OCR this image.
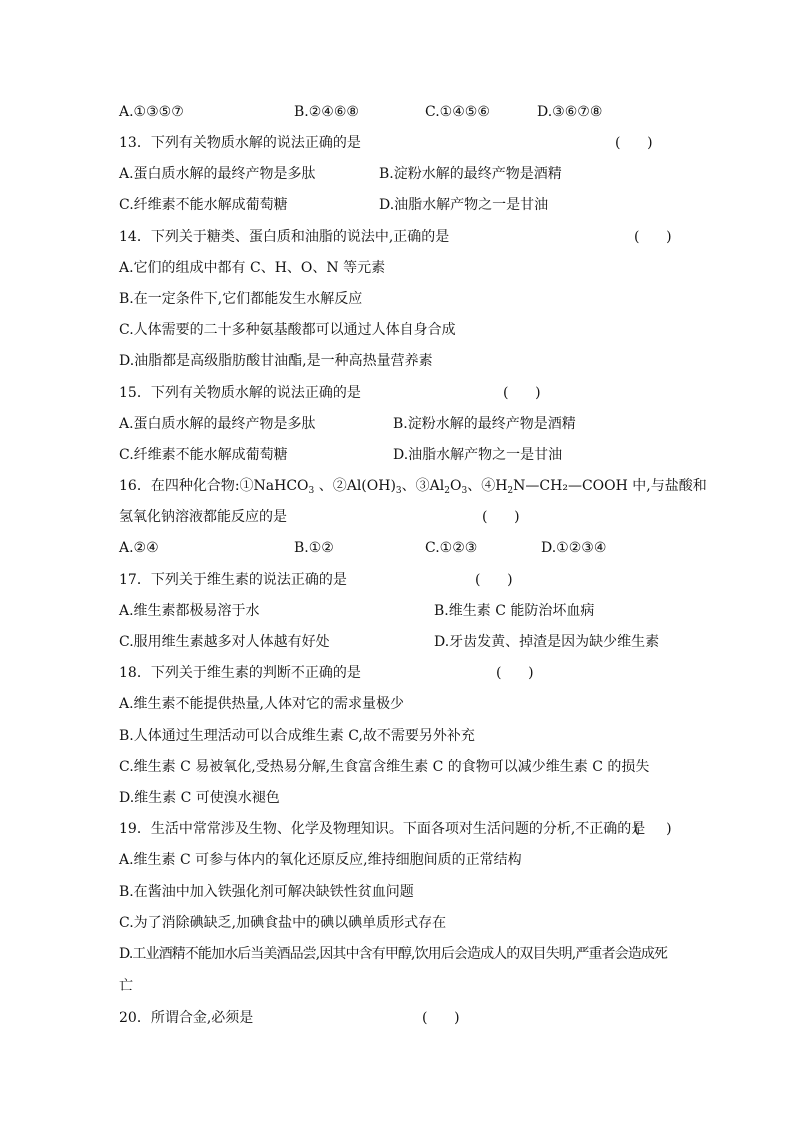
A.①③⑤⑦	B.②④⑥⑧	C.①④⑤⑥	D.③⑥⑦⑧
13．下列有关物质水解的说法正确的是	(      )
A.蛋白质水解的最终产物是多肽	B.淀粉水解的最终产物是酒精
C.纤维素不能水解成葡萄糖	D.油脂水解产物之一是甘油
14．下列关于糖类、蛋白质和油脂的说法中,正确的是	(      )
A.它们的组成中都有 C、H、O、N 等元素
B.在一定条件下,它们都能发生水解反应
C.人体需要的二十多种氨基酸都可以通过人体自身合成
D.油脂都是高级脂肪酸甘油酯,是一种高热量营养素
15．下列有关物质水解的说法正确的是	(      )
A.蛋白质水解的最终产物是多肽	B.淀粉水解的最终产物是酒精
C.纤维素不能水解成葡萄糖	D.油脂水解产物之一是甘油
16．在四种化合物:①NaHCO$_3$ 、$②Al(OH)_3$、$③Al_2O_3$、$④H_2N—CH_2—COOH$ 中,与盐酸和
氢氧化钠溶液都能反应的是	(      )
A.②④	B.①②	C.①②③	D.①②③④
17．下列关于维生素的说法正确的是	(      )
A.维生素都极易溶于水	B.维生素 C 能防治坏血病
C.服用维生素越多对人体越有好处	D.牙齿发黄、掉渣是因为缺少维生素
18．下列关于维生素的判断不正确的是	(      )
A.维生素不能提供热量,人体对它的需求量极少
B.人体通过生理活动可以合成维生素 C,故不需要另外补充
C.维生素 C 易被氧化,受热易分解,生食富含维生素 C 的食物可以减少维生素 C 的损失
D.维生素 C 可使溴水褪色
19．生活中常常涉及生物、化学及物理知识。下面各项对生活问题的分析,不正确的是
(      )
A.维生素 C 可参与体内的氧化还原反应,维持细胞间质的正常结构
B.在酱油中加入铁强化剂可解决缺铁性贫血问题
C.为了消除碘缺乏,加碘食盐中的碘以碘单质形式存在
D.工业酒精不能加水后当美酒品尝,因其中含有甲醇,饮用后会造成人的双目失明,严重者会造成死
亡
20．所谓合金,必须是	(      )
